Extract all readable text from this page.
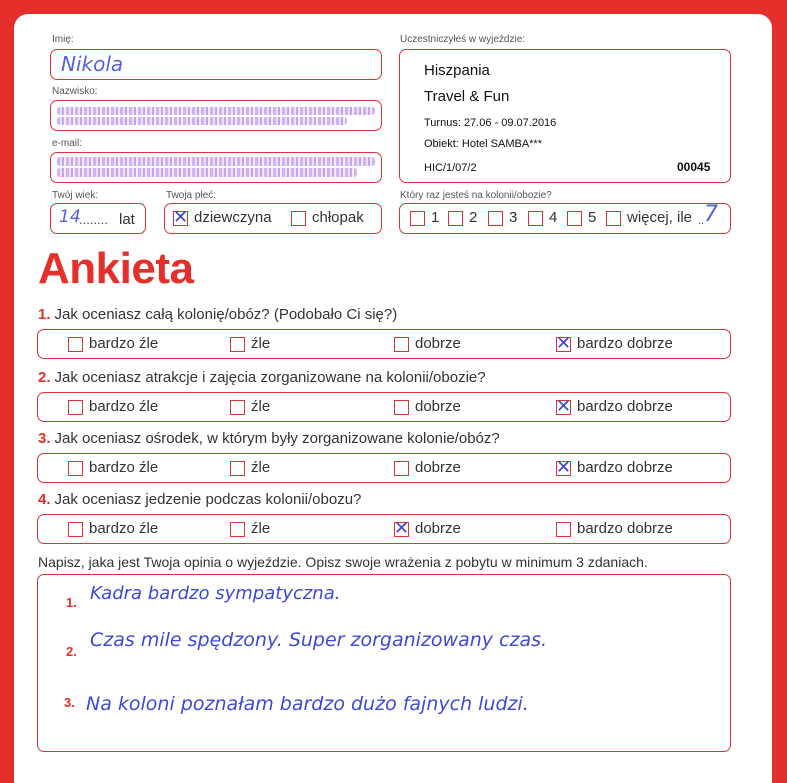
Imię:
Nikola
Nazwisko:
e-mail:
Twój wiek:
14
........ lat
Twoja płeć:
✕dziewczyna	chłopak
Uczestniczyłeś w wyjeździe:
Hiszpania
Travel & Fun
Turnus: 27.06 - 09.07.2016
Obiekt: Hotel SAMBA***
HIC/1/07/2	00045
Który raz jesteś na kolonii/obozie?
1	2	3	4	5	więcej, ile .. 7
Ankieta
1. Jak oceniasz całą kolonię/obóz? (Podobało Ci się?)
bardzo źle	źle	dobrze ✕	bardzo dobrze
2. Jak oceniasz atrakcje i zajęcia zorganizowane na kolonii/obozie?
bardzo źle	źle	dobrze ✕	bardzo dobrze
3. Jak oceniasz ośrodek, w którym były zorganizowane kolonie/obóz?
bardzo źle	źle	dobrze ✕	bardzo dobrze
4. Jak oceniasz jedzenie podczas kolonii/obozu?
bardzo źle	źle ✕	dobrze	bardzo dobrze
Napisz, jaka jest Twoja opinia o wyjeździe. Opisz swoje wrażenia z pobytu w minimum 3 zdaniach.
1. Kadra bardzo sympatyczna.
2.
Czas mile spędzony. Super zorganizowany czas.
3. Na koloni poznałam bardzo dużo fajnych ludzi.
